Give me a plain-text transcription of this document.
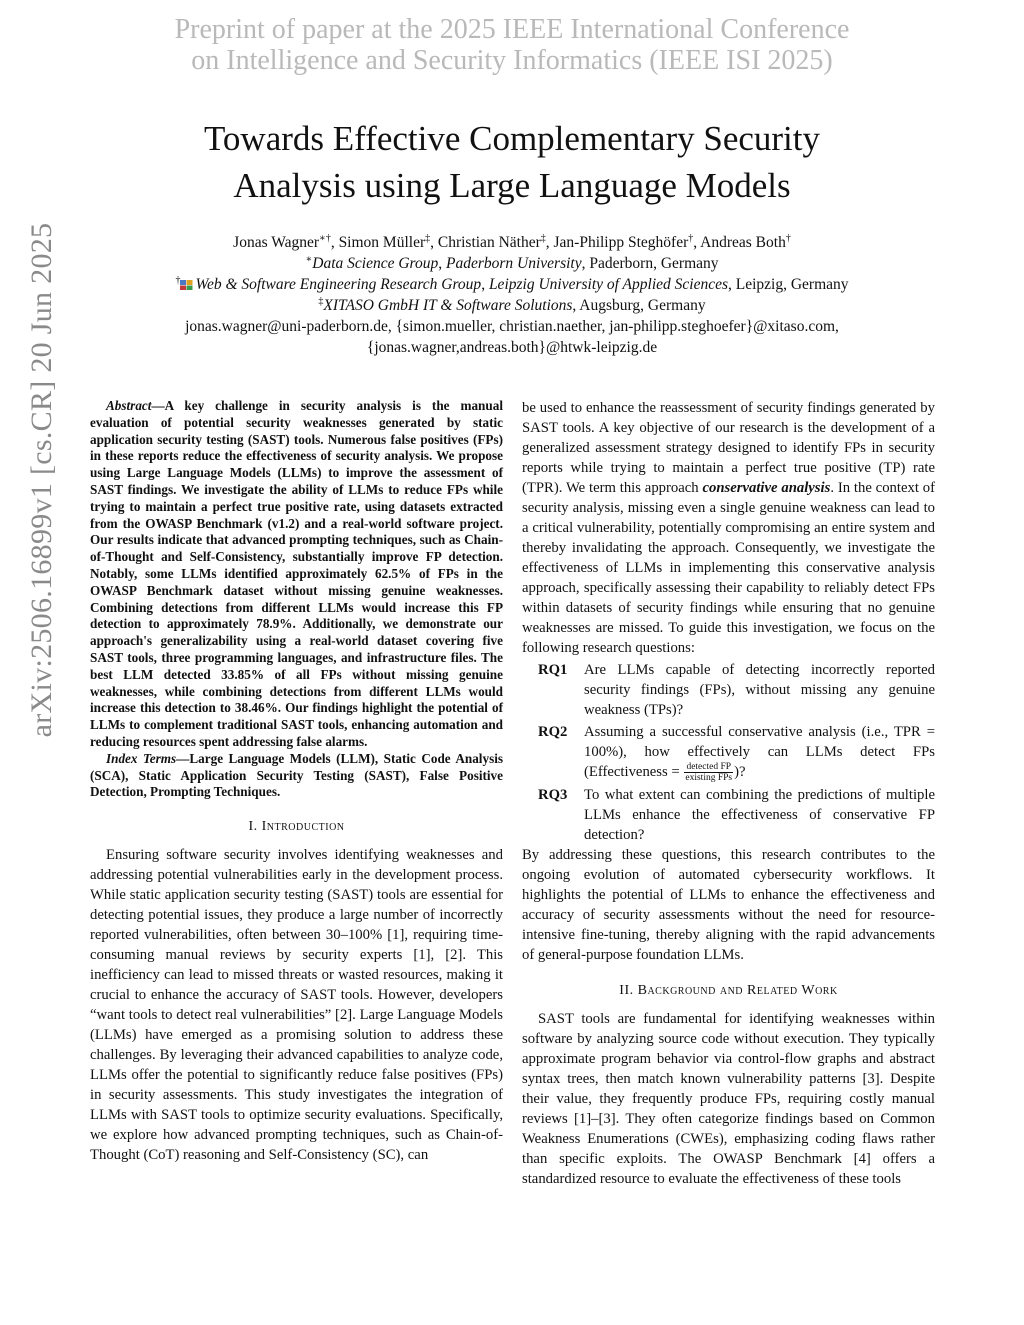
Preprint of paper at the 2025 IEEE International Conference
on Intelligence and Security Informatics (IEEE ISI 2025)
arXiv:2506.16899v1 [cs.CR] 20 Jun 2025
Towards Effective Complementary Security
Analysis using Large Language Models
Jonas Wagner∗†, Simon Müller‡, Christian Näther‡, Jan-Philipp Steghöfer†, Andreas Both†
∗Data Science Group, Paderborn University, Paderborn, Germany
† Web & Software Engineering Research Group, Leipzig University of Applied Sciences, Leipzig, Germany
‡XITASO GmbH IT & Software Solutions, Augsburg, Germany
jonas.wagner@uni-paderborn.de, {simon.mueller, christian.naether, jan-philipp.steghoefer}@xitaso.com,
{jonas.wagner,andreas.both}@htwk-leipzig.de

Abstract—A key challenge in security analysis is the manual evaluation of potential security weaknesses generated by static application security testing (SAST) tools. Numerous false positives (FPs) in these reports reduce the effectiveness of security analysis. We propose using Large Language Models (LLMs) to improve the assessment of SAST findings. We investigate the ability of LLMs to reduce FPs while trying to maintain a perfect true positive rate, using datasets extracted from the OWASP Benchmark (v1.2) and a real-world software project. Our results indicate that advanced prompting techniques, such as Chain-of-Thought and Self-Consistency, substantially improve FP detection. Notably, some LLMs identified approximately 62.5% of FPs in the OWASP Benchmark dataset without missing genuine weaknesses. Combining detections from different LLMs would increase this FP detection to approximately 78.9%. Additionally, we demonstrate our approach's generalizability using a real-world dataset covering five SAST tools, three programming languages, and infrastructure files. The best LLM detected 33.85% of all FPs without missing genuine weaknesses, while combining detections from different LLMs would increase this detection to 38.46%. Our findings highlight the potential of LLMs to complement traditional SAST tools, enhancing automation and reducing resources spent addressing false alarms.

Index Terms—Large Language Models (LLM), Static Code Analysis (SCA), Static Application Security Testing (SAST), False Positive Detection, Prompting Techniques.

I. Introduction

Ensuring software security involves identifying weaknesses and addressing potential vulnerabilities early in the development process. While static application security testing (SAST) tools are essential for detecting potential issues, they produce a large number of incorrectly reported vulnerabilities, often between 30–100% [1], requiring time-consuming manual reviews by security experts [1], [2]. This inefficiency can lead to missed threats or wasted resources, making it crucial to enhance the accuracy of SAST tools. However, developers “want tools to detect real vulnerabilities” [2]. Large Language Models (LLMs) have emerged as a promising solution to address these challenges. By leveraging their advanced capabilities to analyze code, LLMs offer the potential to significantly reduce false positives (FPs) in security assessments. This study investigates the integration of LLMs with SAST tools to optimize security evaluations. Specifically, we explore how advanced prompting techniques, such as Chain-of-Thought (CoT) reasoning and Self-Consistency (SC), can

be used to enhance the reassessment of security findings generated by SAST tools. A key objective of our research is the development of a generalized assessment strategy designed to identify FPs in security reports while trying to maintain a perfect true positive (TP) rate (TPR). We term this approach conservative analysis. In the context of security analysis, missing even a single genuine weakness can lead to a critical vulnerability, potentially compromising an entire system and thereby invalidating the approach. Consequently, we investigate the effectiveness of LLMs in implementing this conservative analysis approach, specifically assessing their capability to reliably detect FPs within datasets of security findings while ensuring that no genuine weaknesses are missed. To guide this investigation, we focus on the following research questions:

RQ1	Are LLMs capable of detecting incorrectly reported security findings (FPs), without missing any genuine weakness (TPs)?
RQ2	Assuming a successful conservative analysis (i.e., TPR = 100%), how effectively can LLMs detect FPs (Effectiveness = $\frac{\text{detected FP}}{\text{existing FPs}}$ )?
RQ3	To what extent can combining the predictions of multiple LLMs enhance the effectiveness of conservative FP detection?

By addressing these questions, this research contributes to the ongoing evolution of automated cybersecurity workflows. It highlights the potential of LLMs to enhance the effectiveness and accuracy of security assessments without the need for resource-intensive fine-tuning, thereby aligning with the rapid advancements of general-purpose foundation LLMs.

II. Background and Related Work

SAST tools are fundamental for identifying weaknesses within software by analyzing source code without execution. They typically approximate program behavior via control-flow graphs and abstract syntax trees, then match known vulnerability patterns [3]. Despite their value, they frequently produce FPs, requiring costly manual reviews [1]–[3]. They often categorize findings based on Common Weakness Enumerations (CWEs), emphasizing coding flaws rather than specific exploits. The OWASP Benchmark [4] offers a standardized resource to evaluate the effectiveness of these tools
